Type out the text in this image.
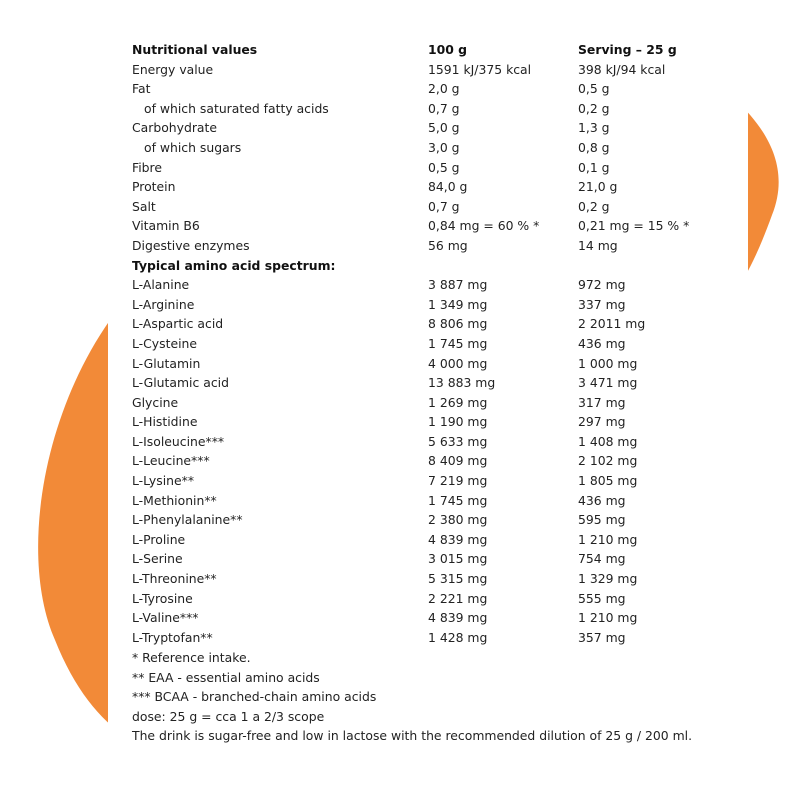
Nutritional values	100 g	Serving – 25 g
Energy value	1591 kJ/375 kcal	398 kJ/94 kcal
Fat	2,0 g	0,5 g
of which saturated fatty acids	0,7 g	0,2 g
Carbohydrate	5,0 g	1,3 g
of which sugars	3,0 g	0,8 g
Fibre	0,5 g	0,1 g
Protein	84,0 g	21,0 g
Salt	0,7 g	0,2 g
Vitamin B6	0,84 mg = 60 % *	0,21 mg = 15 % *
Digestive enzymes	56 mg	14 mg
Typical amino acid spectrum:
L-Alanine	3 887 mg	972 mg
L-Arginine	1 349 mg	337 mg
L-Aspartic acid	8 806 mg	2 2011 mg
L-Cysteine	1 745 mg	436 mg
L-Glutamin	4 000 mg	1 000 mg
L-Glutamic acid	13 883 mg	3 471 mg
Glycine	1 269 mg	317 mg
L-Histidine	1 190 mg	297 mg
L-Isoleucine***	5 633 mg	1 408 mg
L-Leucine***	8 409 mg	2 102 mg
L-Lysine**	7 219 mg	1 805 mg
L-Methionin**	1 745 mg	436 mg
L-Phenylalanine**	2 380 mg	595 mg
L-Proline	4 839 mg	1 210 mg
L-Serine	3 015 mg	754 mg
L-Threonine**	5 315 mg	1 329 mg
L-Tyrosine	2 221 mg	555 mg
L-Valine***	4 839 mg	1 210 mg
L-Tryptofan**	1 428 mg	357 mg
* Reference intake.
** EAA - essential amino acids
*** BCAA - branched-chain amino acids
dose: 25 g = cca 1 a 2/3 scope
The drink is sugar-free and low in lactose with the recommended dilution of 25 g / 200 ml.
